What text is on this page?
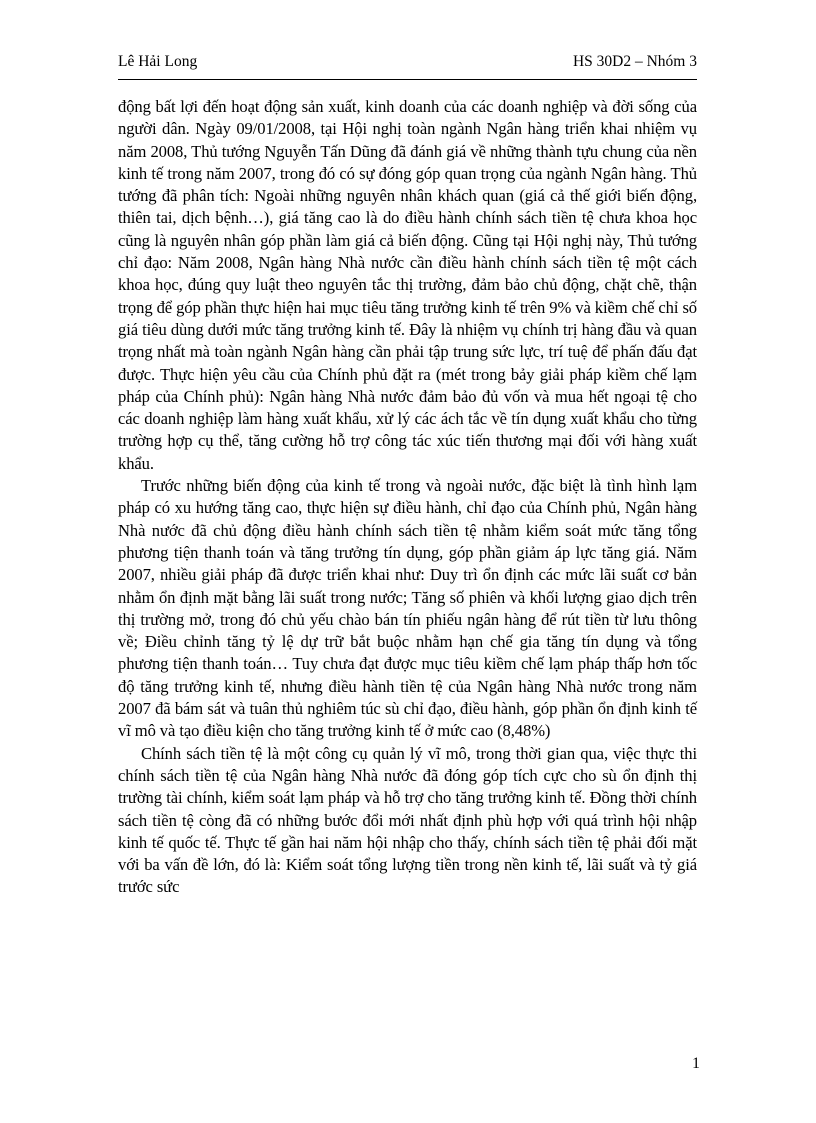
Lê Hải Long	HS 30D2 – Nhóm 3

động bất lợi đến hoạt động sản xuất, kinh doanh của các doanh nghiệp và đời sống của người dân. Ngày 09/01/2008, tại Hội nghị toàn ngành Ngân hàng triển khai nhiệm vụ năm 2008, Thủ tướng Nguyễn Tấn Dũng đã đánh giá về những thành tựu chung của nền kinh tế trong năm 2007, trong đó có sự đóng góp quan trọng của ngành Ngân hàng. Thủ tướng đã phân tích: Ngoài những nguyên nhân khách quan (giá cả thế giới biến động, thiên tai, dịch bệnh…), giá tăng cao là do điều hành chính sách tiền tệ chưa khoa học cũng là nguyên nhân góp phần làm giá cả biến động. Cũng tại Hội nghị này, Thủ tướng chỉ đạo: Năm 2008, Ngân hàng Nhà nước cần điều hành chính sách tiền tệ một cách khoa học, đúng quy luật theo nguyên tắc thị trường, đảm bảo chủ động, chặt chẽ, thận trọng để góp phần thực hiện hai mục tiêu tăng trưởng kinh tế trên 9% và kiềm chế chỉ số giá tiêu dùng dưới mức tăng trưởng kinh tế. Đây là nhiệm vụ chính trị hàng đầu và quan trọng nhất mà toàn ngành Ngân hàng cần phải tập trung sức lực, trí tuệ để phấn đấu đạt được. Thực hiện yêu cầu của Chính phủ đặt ra (mét trong bảy giải pháp kiềm chế lạm pháp của Chính phủ): Ngân hàng Nhà nước đảm bảo đủ vốn và mua hết ngoại tệ cho các doanh nghiệp làm hàng xuất khẩu, xử lý các ách tắc về tín dụng xuất khẩu cho từng trường hợp cụ thể, tăng cường hỗ trợ công tác xúc tiến thương mại đối với hàng xuất khẩu.

Trước những biến động của kinh tế trong và ngoài nước, đặc biệt là tình hình lạm pháp có xu hướng tăng cao, thực hiện sự điều hành, chỉ đạo của Chính phủ, Ngân hàng Nhà nước đã chủ động điều hành chính sách tiền tệ nhằm kiểm soát mức tăng tổng phương tiện thanh toán và tăng trưởng tín dụng, góp phần giảm áp lực tăng giá. Năm 2007, nhiều giải pháp đã được triển khai như: Duy trì ổn định các mức lãi suất cơ bản nhằm ổn định mặt bằng lãi suất trong nước; Tăng số phiên và khối lượng giao dịch trên thị trường mở, trong đó chủ yếu chào bán tín phiếu ngân hàng để rút tiền từ lưu thông về; Điều chỉnh tăng tỷ lệ dự trữ bắt buộc nhằm hạn chế gia tăng tín dụng và tổng phương tiện thanh toán… Tuy chưa đạt được mục tiêu kiềm chế lạm pháp thấp hơn tốc độ tăng trưởng kinh tế, nhưng điều hành tiền tệ của Ngân hàng Nhà nước trong năm 2007 đã bám sát và tuân thủ nghiêm túc sù chỉ đạo, điều hành, góp phần ổn định kinh tế vĩ mô và tạo điều kiện cho tăng trưởng kinh tế ở mức cao (8,48%)

Chính sách tiền tệ là một công cụ quản lý vĩ mô, trong thời gian qua, việc thực thi chính sách tiền tệ của Ngân hàng Nhà nước đã đóng góp tích cực cho sù ổn định thị trường tài chính, kiểm soát lạm pháp và hỗ trợ cho tăng trưởng kinh tế. Đồng thời chính sách tiền tệ còng đã có những bước đổi mới nhất định phù hợp với quá trình hội nhập kinh tế quốc tế. Thực tế gần hai năm hội nhập cho thấy, chính sách tiền tệ phải đối mặt với ba vấn đề lớn, đó là: Kiểm soát tổng lượng tiền trong nền kinh tế, lãi suất và tỷ giá trước sức

1
